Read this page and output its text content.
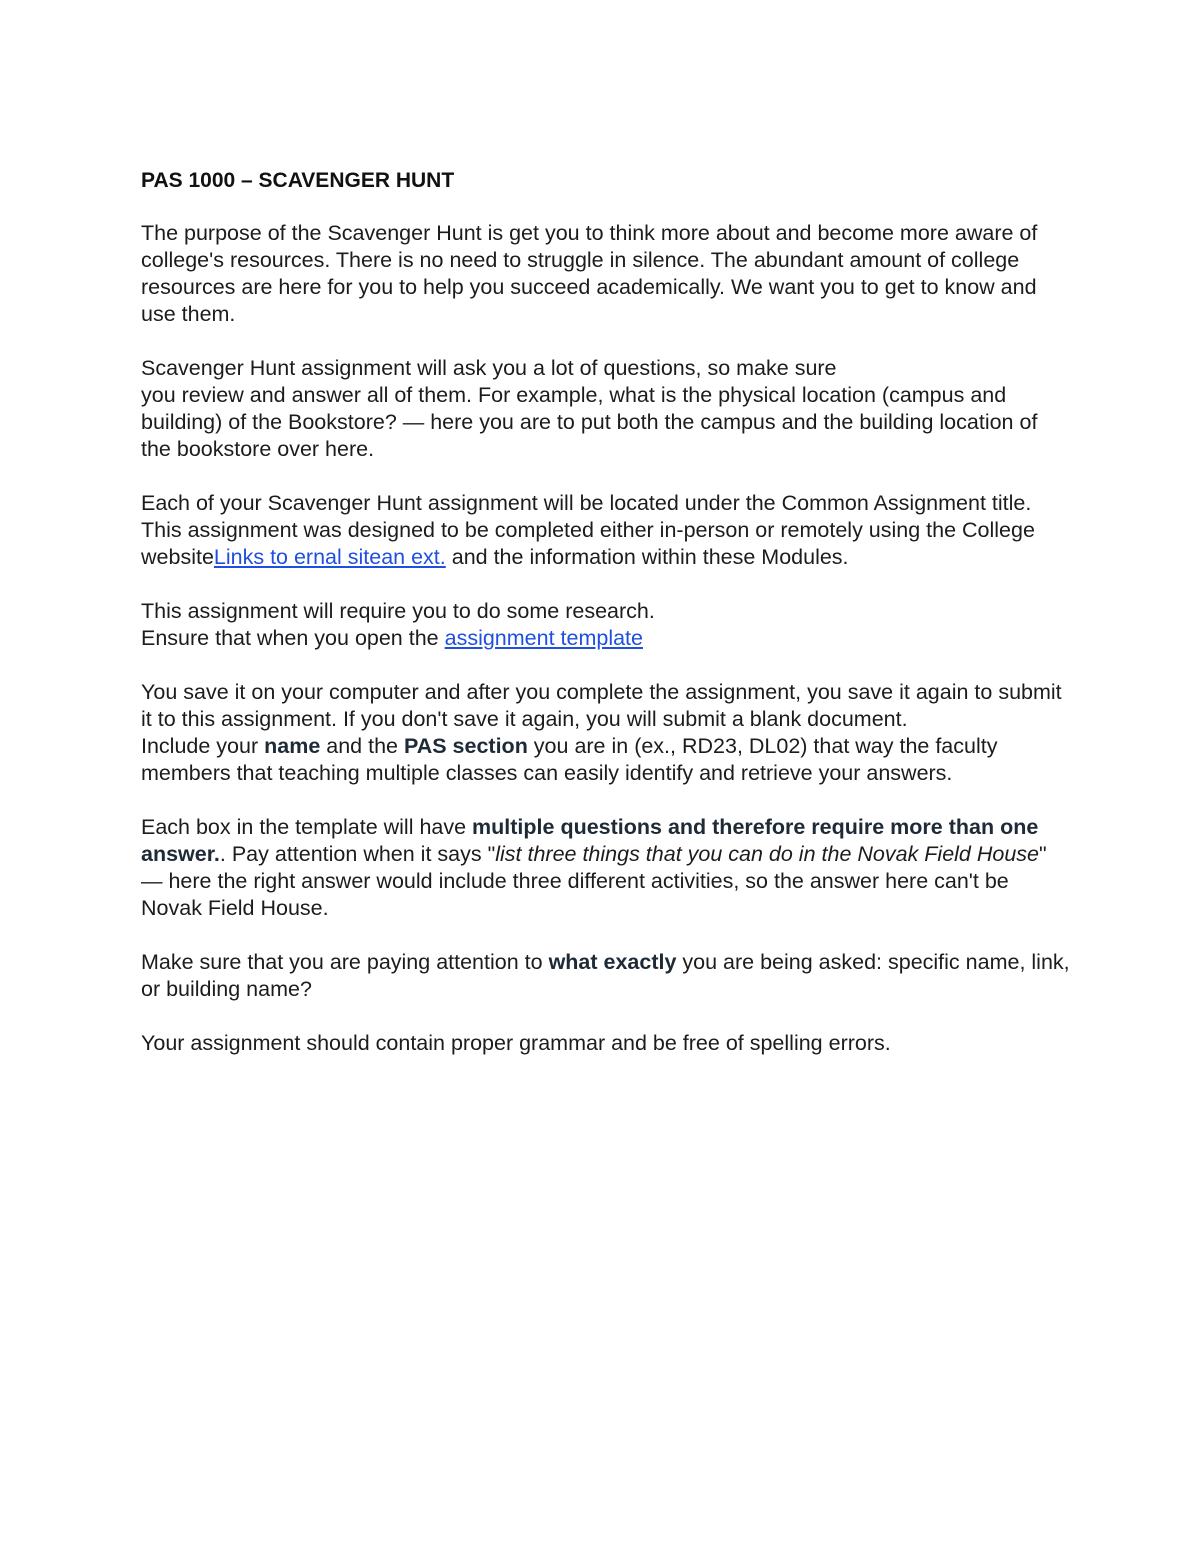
PAS 1000 – SCAVENGER HUNT

The purpose of the Scavenger Hunt is get you to think more about and become more aware of college's resources. There is no need to struggle in silence. The abundant amount of college resources are here for you to help you succeed academically. We want you to get to know and use them.

Scavenger Hunt assignment will ask you a lot of questions, so make sure
you review and answer all of them. For example, what is the physical location (campus and building) of the Bookstore? — here you are to put both the campus and the building location of the bookstore over here.

Each of your Scavenger Hunt assignment will be located under the Common Assignment title. This assignment was designed to be completed either in-person or remotely using the College websiteLinks to ernal sitean ext. and the information within these Modules.

This assignment will require you to do some research.
Ensure that when you open the assignment template

You save it on your computer and after you complete the assignment, you save it again to submit it to this assignment. If you don't save it again, you will submit a blank document.

Include your name and the PAS section you are in (ex., RD23, DL02) that way the faculty members that teaching multiple classes can easily identify and retrieve your answers.

Each box in the template will have multiple questions and therefore require more than one answer.. Pay attention when it says "list three things that you can do in the Novak Field House" — here the right answer would include three different activities, so the answer here can't be Novak Field House.

Make sure that you are paying attention to what exactly you are being asked: specific name, link, or building name?

Your assignment should contain proper grammar and be free of spelling errors.
